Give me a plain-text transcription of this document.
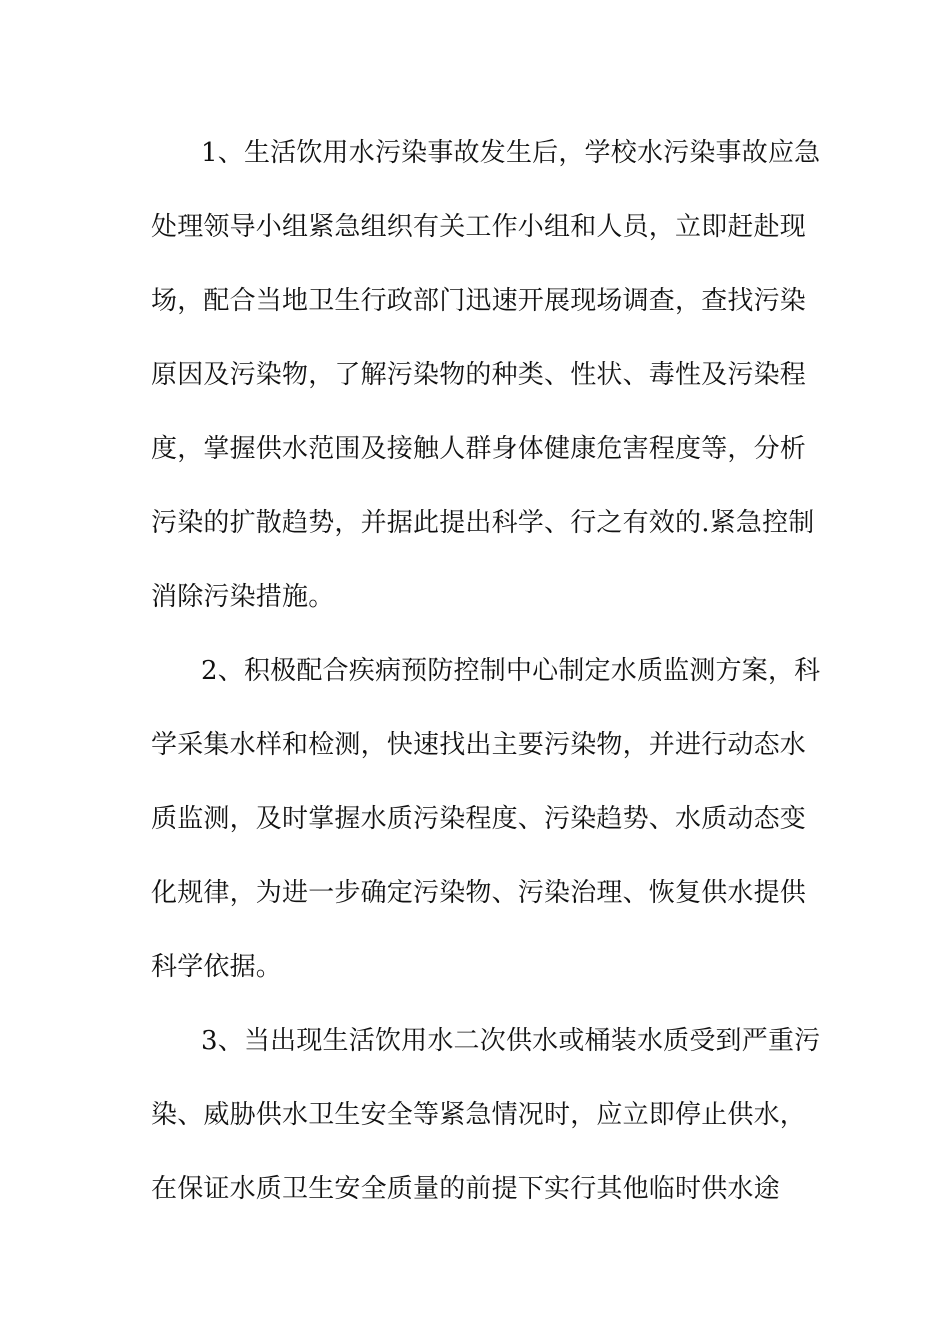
1、生活饮用水污染事故发生后，学校水污染事故应急
处理领导小组紧急组织有关工作小组和人员，立即赶赴现
场，配合当地卫生行政部门迅速开展现场调查，查找污染
原因及污染物，了解污染物的种类、性状、毒性及污染程
度，掌握供水范围及接触人群身体健康危害程度等，分析
污染的扩散趋势，并据此提出科学、行之有效的.紧急控制
消除污染措施。
2、积极配合疾病预防控制中心制定水质监测方案，科
学采集水样和检测，快速找出主要污染物，并进行动态水
质监测，及时掌握水质污染程度、污染趋势、水质动态变
化规律，为进一步确定污染物、污染治理、恢复供水提供
科学依据。
3、当出现生活饮用水二次供水或桶装水质受到严重污
染、威胁供水卫生安全等紧急情况时，应立即停止供水，
在保证水质卫生安全质量的前提下实行其他临时供水途
